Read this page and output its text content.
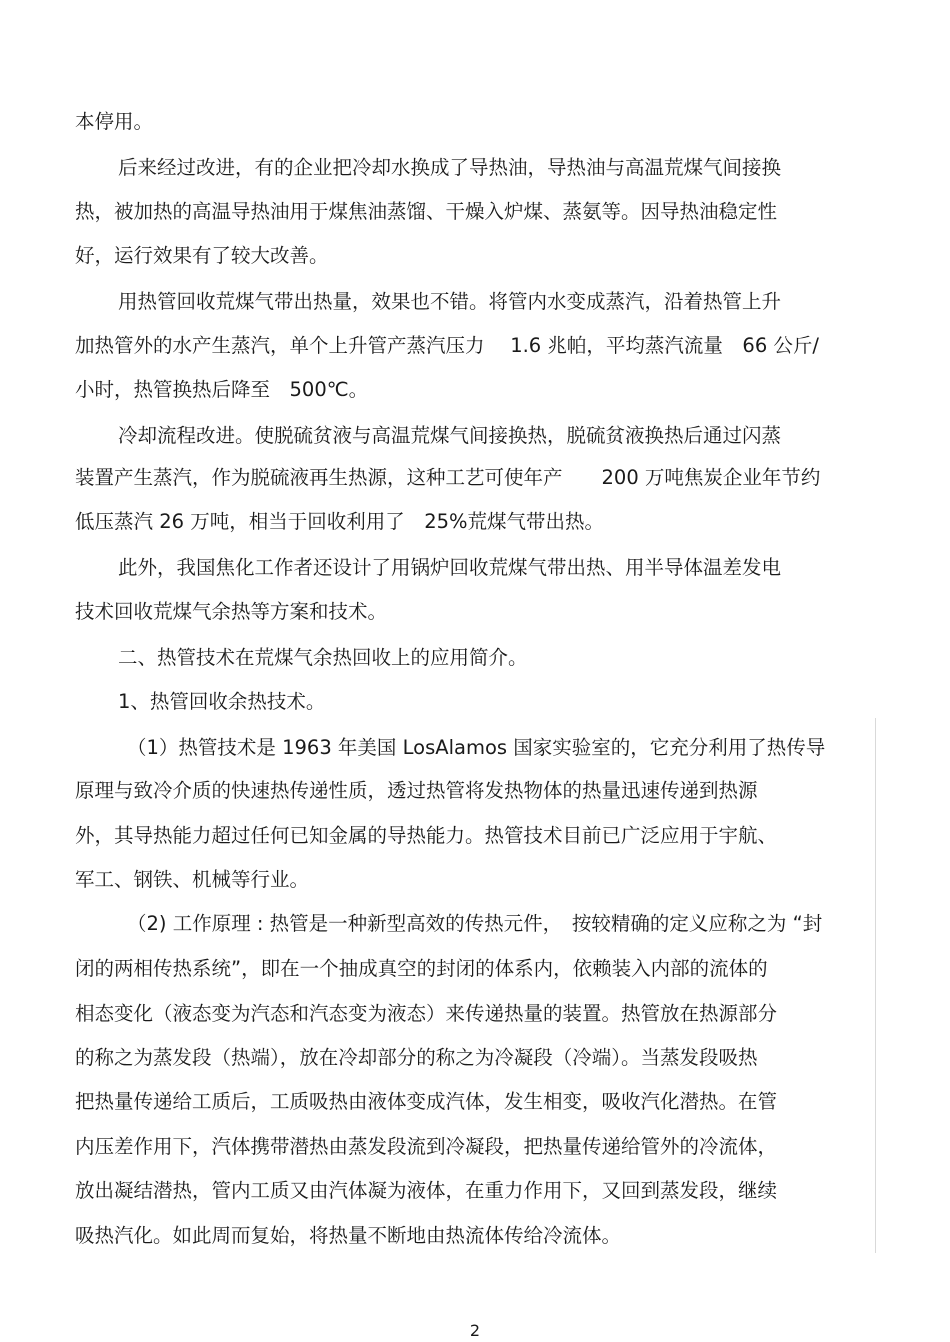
本停用。
后来经过改进，有的企业把冷却水换成了导热油，导热油与高温荒煤气间接换
热，被加热的高温导热油用于煤焦油蒸馏、干燥入炉煤、蒸氨等。因导热油稳定性
好，运行效果有了较大改善。
用热管回收荒煤气带出热量，效果也不错。将管内水变成蒸汽，沿着热管上升
加热管外的水产生蒸汽，单个上升管产蒸汽压力　 1.6 兆帕，平均蒸汽流量　66 公斤/
小时，热管换热后降至　500℃。
冷却流程改进。使脱硫贫液与高温荒煤气间接换热，脱硫贫液换热后通过闪蒸
装置产生蒸汽，作为脱硫液再生热源，这种工艺可使年产　　200 万吨焦炭企业年节约
低压蒸汽 26 万吨，相当于回收利用了　25%荒煤气带出热。
此外，我国焦化工作者还设计了用锅炉回收荒煤气带出热、用半导体温差发电
技术回收荒煤气余热等方案和技术。
二、热管技术在荒煤气余热回收上的应用简介。
1、热管回收余热技术。
（1）热管技术是 1963 年美国 LosAlamos 国家实验室的，它充分利用了热传导
原理与致冷介质的快速热传递性质，透过热管将发热物体的热量迅速传递到热源
外，其导热能力超过任何已知金属的导热能力。热管技术目前已广泛应用于宇航、
军工、钢铁、机械等行业。
（2) 工作原理 : 热管是一种新型高效的传热元件，　按较精确的定义应称之为 “封
闭的两相传热系统”，即在一个抽成真空的封闭的体系内，依赖装入内部的流体的
相态变化（液态变为汽态和汽态变为液态）来传递热量的装置。热管放在热源部分
的称之为蒸发段（热端），放在冷却部分的称之为冷凝段（冷端）。当蒸发段吸热
把热量传递给工质后，工质吸热由液体变成汽体，发生相变，吸收汽化潜热。在管
内压差作用下，汽体携带潜热由蒸发段流到冷凝段，把热量传递给管外的冷流体，
放出凝结潜热，管内工质又由汽体凝为液体，在重力作用下，又回到蒸发段，继续
吸热汽化。如此周而复始，将热量不断地由热流体传给冷流体。
2
